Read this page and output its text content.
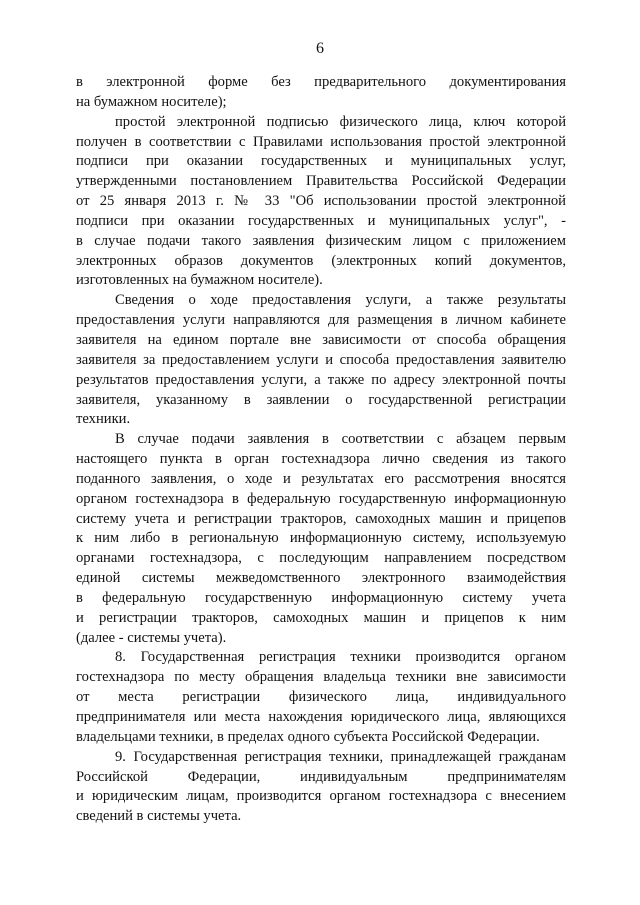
6
в электронной форме без предварительного документирования
на бумажном носителе);
простой электронной подписью физического лица, ключ которой
получен в соответствии с Правилами использования простой электронной
подписи при оказании государственных и муниципальных услуг,
утвержденными постановлением Правительства Российской Федерации
от 25 января 2013 г. № 33 "Об использовании простой электронной
подписи при оказании государственных и муниципальных услуг", -
в случае подачи такого заявления физическим лицом с приложением
электронных образов документов (электронных копий документов,
изготовленных на бумажном носителе).
Сведения о ходе предоставления услуги, а также результаты
предоставления услуги направляются для размещения в личном кабинете
заявителя на едином портале вне зависимости от способа обращения
заявителя за предоставлением услуги и способа предоставления заявителю
результатов предоставления услуги, а также по адресу электронной почты
заявителя, указанному в заявлении о государственной регистрации
техники.
В случае подачи заявления в соответствии с абзацем первым
настоящего пункта в орган гостехнадзора лично сведения из такого
поданного заявления, о ходе и результатах его рассмотрения вносятся
органом гостехнадзора в федеральную государственную информационную
систему учета и регистрации тракторов, самоходных машин и прицепов
к ним либо в региональную информационную систему, используемую
органами гостехнадзора, с последующим направлением посредством
единой системы межведомственного электронного взаимодействия
в федеральную государственную информационную систему учета
и регистрации тракторов, самоходных машин и прицепов к ним
(далее - системы учета).
8. Государственная регистрация техники производится органом
гостехнадзора по месту обращения владельца техники вне зависимости
от места регистрации физического лица, индивидуального
предпринимателя или места нахождения юридического лица, являющихся
владельцами техники, в пределах одного субъекта Российской Федерации.
9. Государственная регистрация техники, принадлежащей гражданам
Российской Федерации, индивидуальным предпринимателям
и юридическим лицам, производится органом гостехнадзора с внесением
сведений в системы учета.
